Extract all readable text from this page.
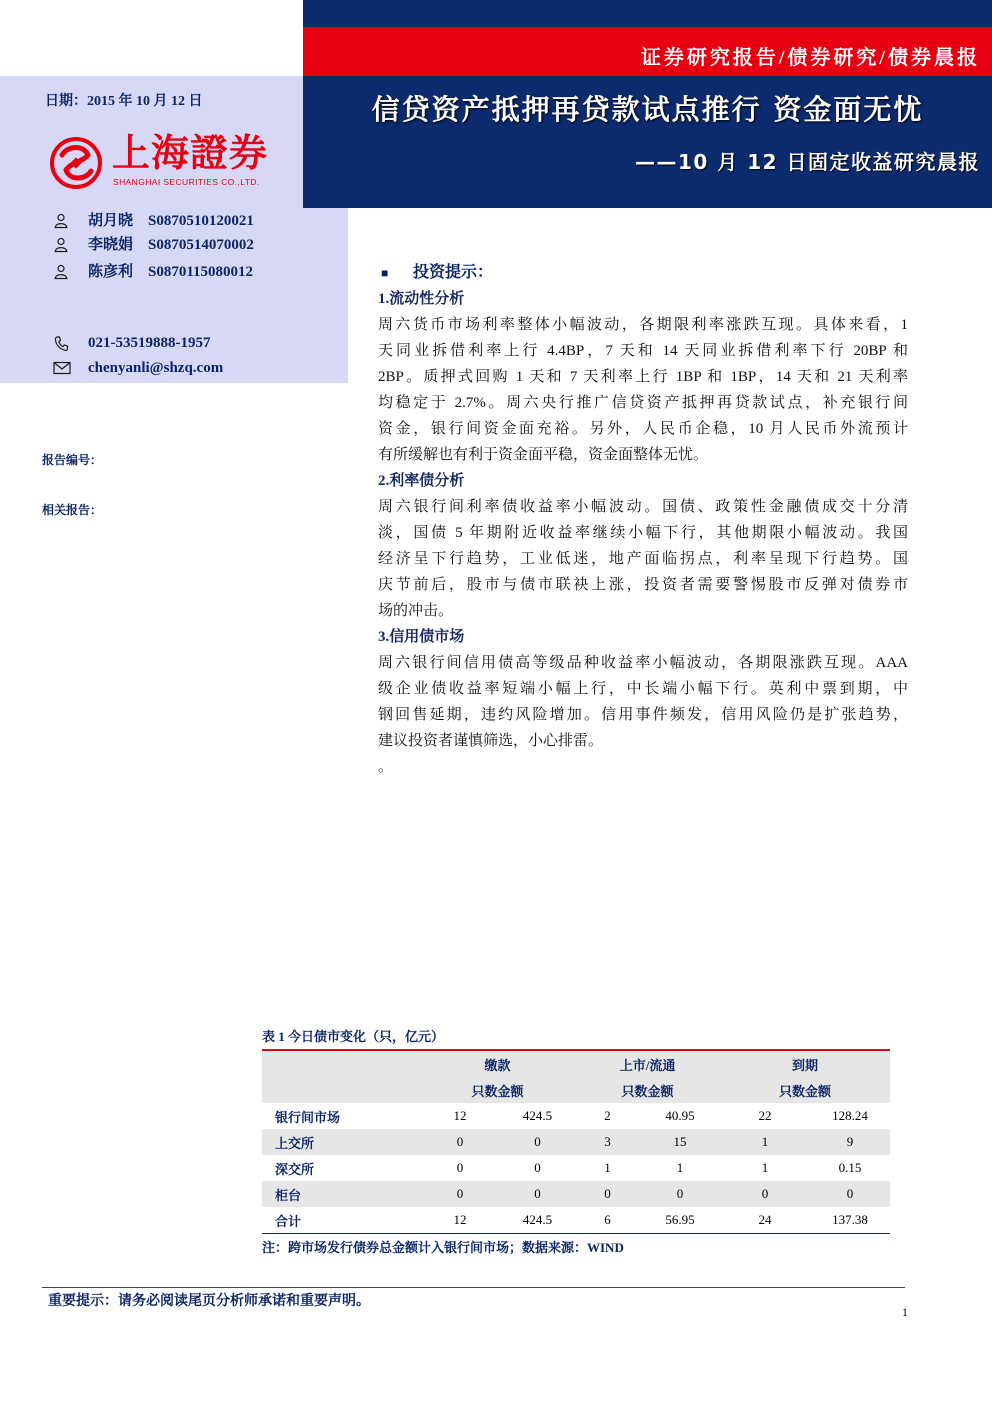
证券研究报告/债券研究/债券晨报
信贷资产抵押再贷款试点推行 资金面无忧
——10 月 12 日固定收益研究晨报
日期：2015 年 10 月 12 日
上海證券
SHANGHAI SECURITIES CO.,LTD.
胡月晓 S0870510120021
李晓娟 S0870514070002
陈彦利 S0870115080012
021-53519888-1957
chenyanli@shzq.com
报告编号：
相关报告：
■ 投资提示：
1.流动性分析
周六货币市场利率整体小幅波动，各期限利率涨跌互现。具体来看，1
天同业拆借利率上行 4.4BP，7 天和 14 天同业拆借利率下行 20BP 和
2BP。质押式回购 1 天和 7 天利率上行 1BP 和 1BP，14 天和 21 天利率
均稳定于 2.7%。周六央行推广信贷资产抵押再贷款试点，补充银行间
资金，银行间资金面充裕。另外，人民币企稳，10 月人民币外流预计
有所缓解也有利于资金面平稳，资金面整体无忧。
2.利率债分析
周六银行间利率债收益率小幅波动。国债、政策性金融债成交十分清
淡，国债 5 年期附近收益率继续小幅下行，其他期限小幅波动。我国
经济呈下行趋势，工业低迷，地产面临拐点，利率呈现下行趋势。国
庆节前后，股市与债市联袂上涨，投资者需要警惕股市反弹对债券市
场的冲击。
3.信用债市场
周六银行间信用债高等级品种收益率小幅波动，各期限涨跌互现。AAA
级企业债收益率短端小幅上行，中长端小幅下行。英利中票到期，中
钢回售延期，违约风险增加。信用事件频发，信用风险仍是扩张趋势，
建议投资者谨慎筛选，小心排雷。
。
表 1 今日债市变化（只，亿元）
	缴款		上市/流通		到期	
	只数金额		只数金额		只数金额	
银行间市场	12	424.5	2	40.95	22	128.24
上交所	0	0	3	15	1	9
深交所	0	0	1	1	1	0.15
柜台	0	0	0	0	0	0
合计	12	424.5	6	56.95	24	137.38
注：跨市场发行债券总金额计入银行间市场；数据来源：WIND
重要提示：请务必阅读尾页分析师承诺和重要声明。
1
